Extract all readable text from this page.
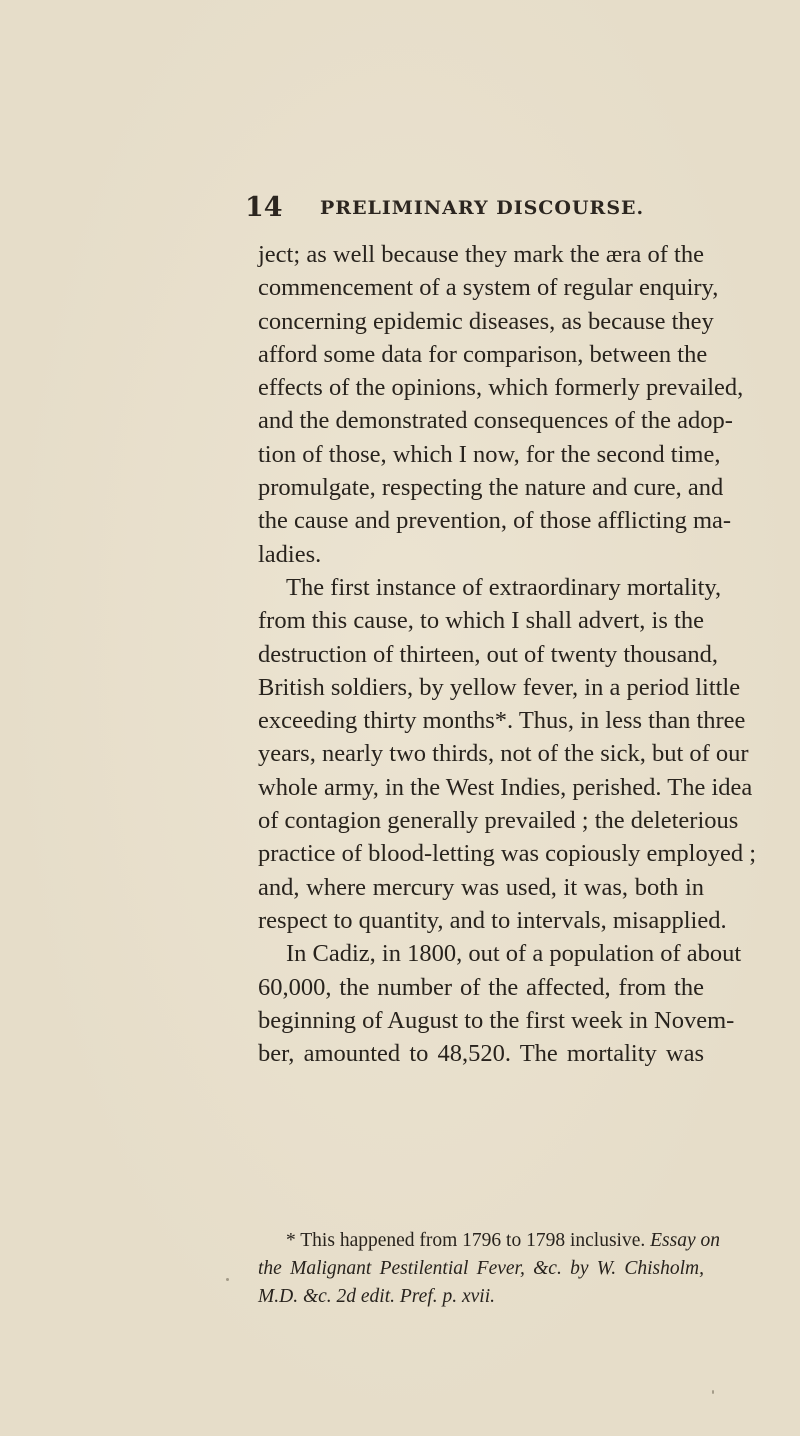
14 PRELIMINARY DISCOURSE.
ject; as well because they mark the æra of the
commencement of a system of regular enquiry,
concerning epidemic diseases, as because they
afford some data for comparison, between the
effects of the opinions, which formerly prevailed,
and the demonstrated consequences of the adop-
tion of those, which I now, for the second time,
promulgate, respecting the nature and cure, and
the cause and prevention, of those afflicting ma-
ladies.
The first instance of extraordinary mortality,
from this cause, to which I shall advert, is the
destruction of thirteen, out of twenty thousand,
British soldiers, by yellow fever, in a period little
exceeding thirty months*. Thus, in less than three
years, nearly two thirds, not of the sick, but of our
whole army, in the West Indies, perished. The idea
of contagion generally prevailed ; the deleterious
practice of blood-letting was copiously employed ;
and, where mercury was used, it was, both in
respect to quantity, and to intervals, misapplied.
In Cadiz, in 1800, out of a population of about
60,000, the number of the affected, from the
beginning of August to the first week in Novem-
ber, amounted to 48,520. The mortality was
* This happened from 1796 to 1798 inclusive. Essay on
the Malignant Pestilential Fever, &c. by W. Chisholm,
M.D. &c. 2d edit. Pref. p. xvii.
